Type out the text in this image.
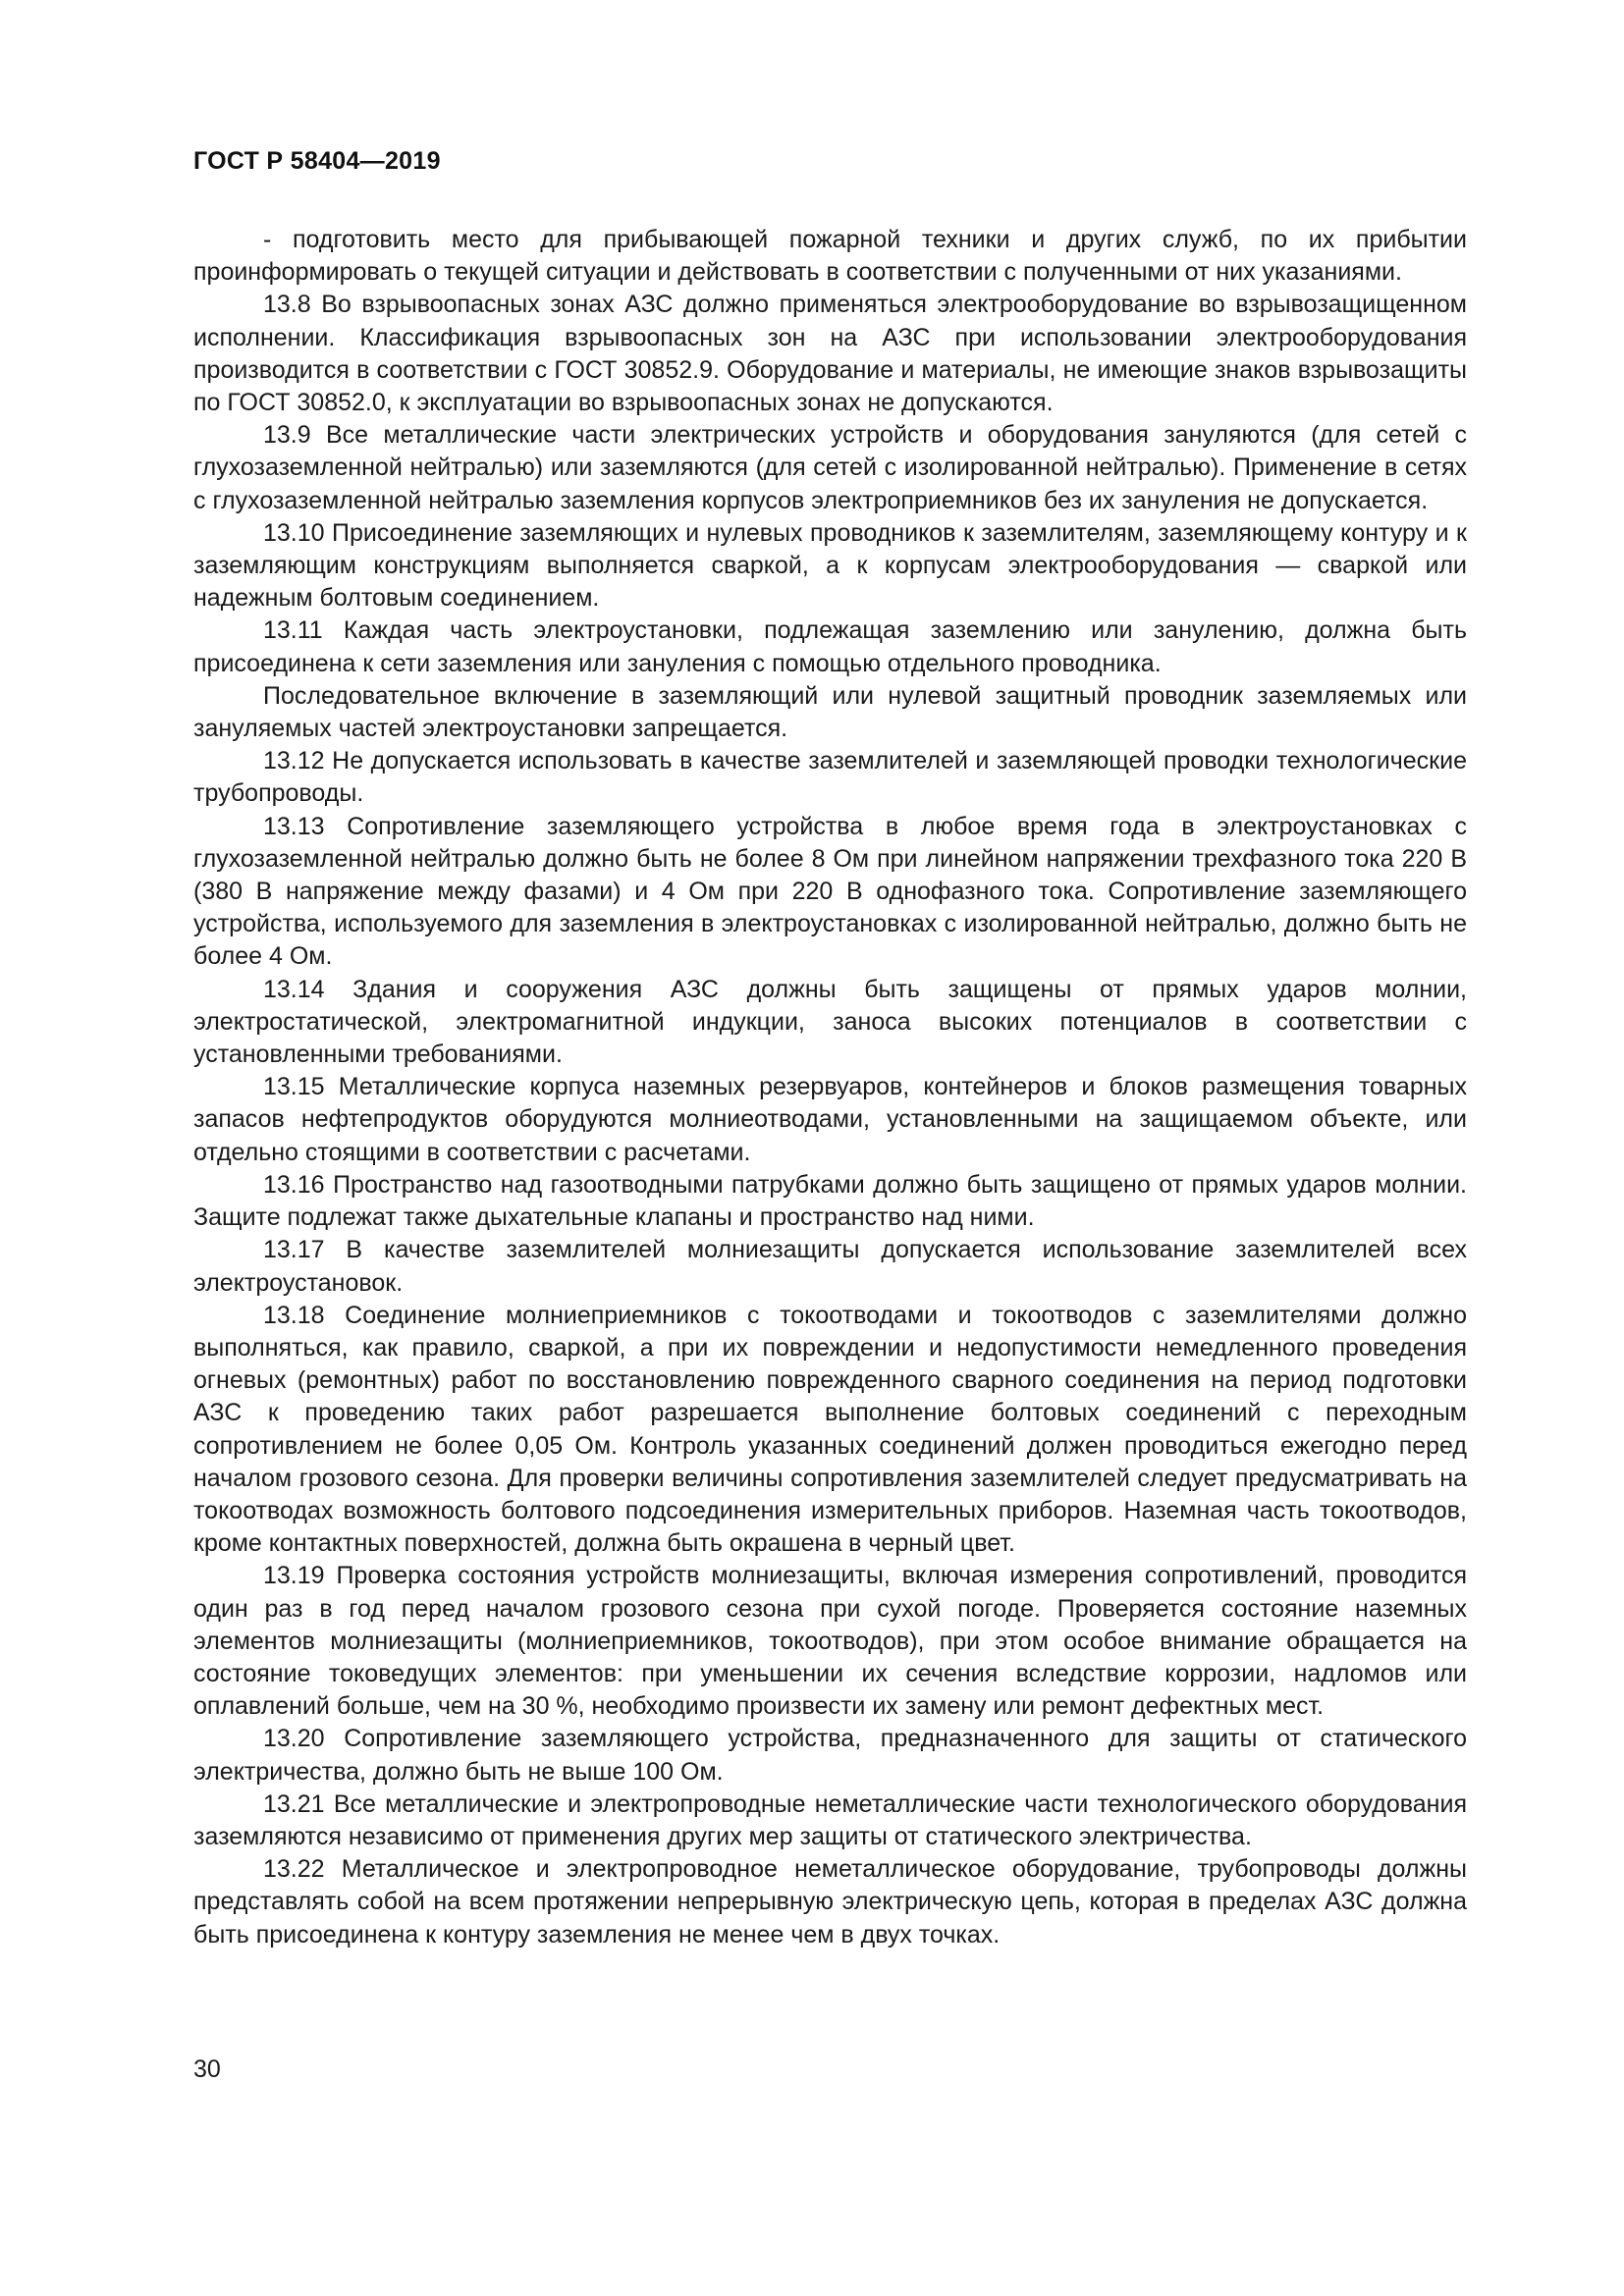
ГОСТ Р 58404—2019

- подготовить место для прибывающей пожарной техники и других служб, по их прибытии проинформировать о текущей ситуации и действовать в соответствии с полученными от них указаниями.

13.8 Во взрывоопасных зонах АЗС должно применяться электрооборудование во взрывозащищенном исполнении. Классификация взрывоопасных зон на АЗС при использовании электрооборудования производится в соответствии с ГОСТ 30852.9. Оборудование и материалы, не имеющие знаков взрывозащиты по ГОСТ 30852.0, к эксплуатации во взрывоопасных зонах не допускаются.

13.9 Все металлические части электрических устройств и оборудования зануляются (для сетей с глухозаземленной нейтралью) или заземляются (для сетей с изолированной нейтралью). Применение в сетях с глухозаземленной нейтралью заземления корпусов электроприемников без их зануления не допускается.

13.10 Присоединение заземляющих и нулевых проводников к заземлителям, заземляющему контуру и к заземляющим конструкциям выполняется сваркой, а к корпусам электрооборудования — сваркой или надежным болтовым соединением.

13.11 Каждая часть электроустановки, подлежащая заземлению или занулению, должна быть присоединена к сети заземления или зануления с помощью отдельного проводника.

Последовательное включение в заземляющий или нулевой защитный проводник заземляемых или зануляемых частей электроустановки запрещается.

13.12 Не допускается использовать в качестве заземлителей и заземляющей проводки технологические трубопроводы.

13.13 Сопротивление заземляющего устройства в любое время года в электроустановках с глухозаземленной нейтралью должно быть не более 8 Ом при линейном напряжении трехфазного тока 220 В (380 В напряжение между фазами) и 4 Ом при 220 В однофазного тока. Сопротивление заземляющего устройства, используемого для заземления в электроустановках с изолированной нейтралью, должно быть не более 4 Ом.

13.14 Здания и сооружения АЗС должны быть защищены от прямых ударов молнии, электростатической, электромагнитной индукции, заноса высоких потенциалов в соответствии с установленными требованиями.

13.15 Металлические корпуса наземных резервуаров, контейнеров и блоков размещения товарных запасов нефтепродуктов оборудуются молниеотводами, установленными на защищаемом объекте, или отдельно стоящими в соответствии с расчетами.

13.16 Пространство над газоотводными патрубками должно быть защищено от прямых ударов молнии. Защите подлежат также дыхательные клапаны и пространство над ними.

13.17 В качестве заземлителей молниезащиты допускается использование заземлителей всех электроустановок.

13.18 Соединение молниеприемников с токоотводами и токоотводов с заземлителями должно выполняться, как правило, сваркой, а при их повреждении и недопустимости немедленного проведения огневых (ремонтных) работ по восстановлению поврежденного сварного соединения на период подготовки АЗС к проведению таких работ разрешается выполнение болтовых соединений с переходным сопротивлением не более 0,05 Ом. Контроль указанных соединений должен проводиться ежегодно перед началом грозового сезона. Для проверки величины сопротивления заземлителей следует предусматривать на токоотводах возможность болтового подсоединения измерительных приборов. Наземная часть токоотводов, кроме контактных поверхностей, должна быть окрашена в черный цвет.

13.19 Проверка состояния устройств молниезащиты, включая измерения сопротивлений, проводится один раз в год перед началом грозового сезона при сухой погоде. Проверяется состояние наземных элементов молниезащиты (молниеприемников, токоотводов), при этом особое внимание обращается на состояние токоведущих элементов: при уменьшении их сечения вследствие коррозии, надломов или оплавлений больше, чем на 30 %, необходимо произвести их замену или ремонт дефектных мест.

13.20 Сопротивление заземляющего устройства, предназначенного для защиты от статического электричества, должно быть не выше 100 Ом.

13.21 Все металлические и электропроводные неметаллические части технологического оборудования заземляются независимо от применения других мер защиты от статического электричества.

13.22 Металлическое и электропроводное неметаллическое оборудование, трубопроводы должны представлять собой на всем протяжении непрерывную электрическую цепь, которая в пределах АЗС должна быть присоединена к контуру заземления не менее чем в двух точках.

30
